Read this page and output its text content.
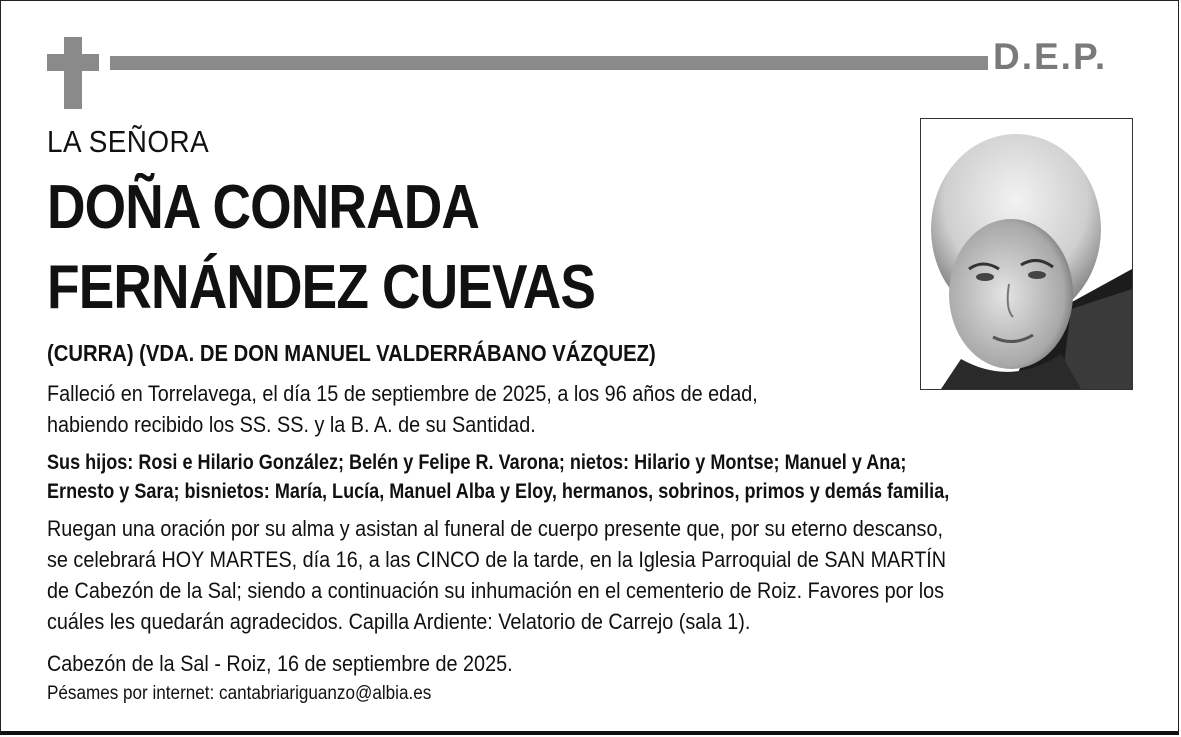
D.E.P.
LA SEÑORA
DOÑA CONRADA
FERNÁNDEZ CUEVAS
(CURRA) (VDA. DE DON MANUEL VALDERRÁBANO VÁZQUEZ)
Falleció en Torrelavega, el día 15 de septiembre de 2025, a los 96 años de edad,
habiendo recibido los SS. SS. y la B. A. de su Santidad.
Sus hijos: Rosi e Hilario González; Belén y Felipe R. Varona; nietos: Hilario y Montse; Manuel y Ana;
Ernesto y Sara; bisnietos: María, Lucía, Manuel Alba y Eloy, hermanos, sobrinos, primos y demás familia,
Ruegan una oración por su alma y asistan al funeral de cuerpo presente que, por su eterno descanso,
se celebrará HOY MARTES, día 16, a las CINCO de la tarde, en la Iglesia Parroquial de SAN MARTÍN
de Cabezón de la Sal; siendo a continuación su inhumación en el cementerio de Roiz. Favores por los
cuáles les quedarán agradecidos. Capilla Ardiente: Velatorio de Carrejo (sala 1).
Cabezón de la Sal - Roiz, 16 de septiembre de 2025.
Pésames por internet: cantabriariguanzo@albia.es
